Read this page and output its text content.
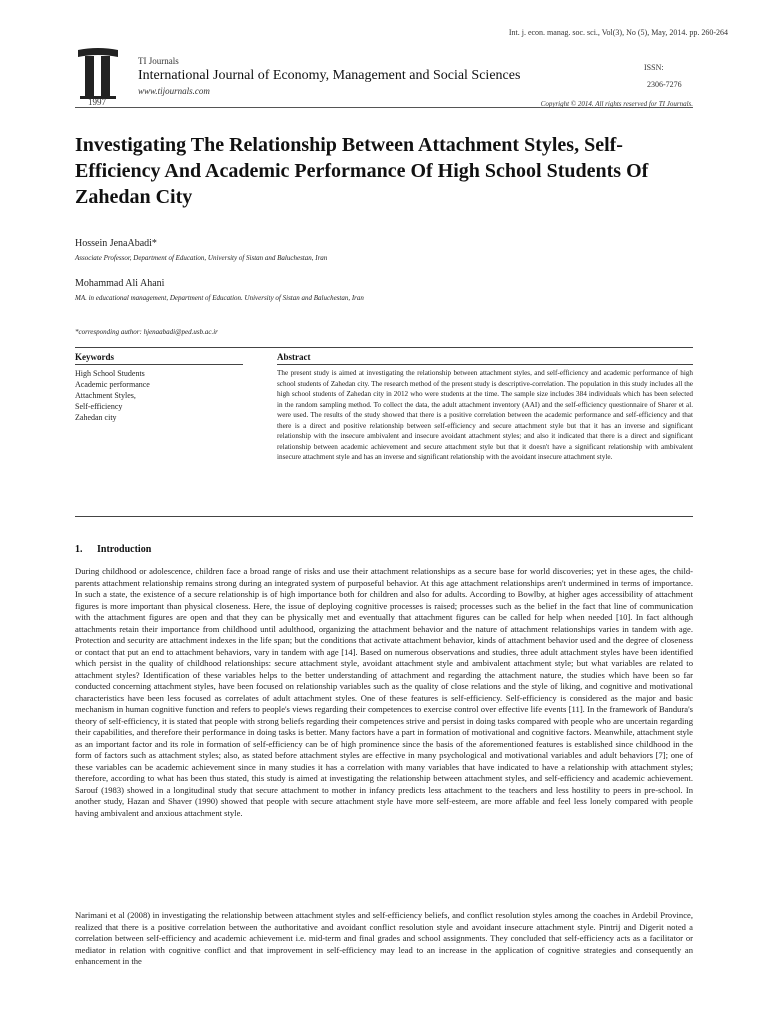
Int. j. econ. manag. soc. sci., Vol(3), No (5), May, 2014. pp. 260-264
1997
TI Journals
International Journal of Economy, Management and Social Sciences
www.tijournals.com
ISSN:
2306-7276
Copyright © 2014. All rights reserved for TI Journals.
Investigating The Relationship Between Attachment Styles, Self-Efficiency And Academic Performance Of High School Students Of Zahedan City
Hossein JenaAbadi*
Associate Professor, Department of Education, University of Sistan and Baluchestan, Iran
Mohammad Ali Ahani
MA. in educational management, Department of Education. University of Sistan and Baluchestan, Iran
*corresponding author: hjenaabadi@ped.usb.ac.ir
Keywords	Abstract
High School Students
Academic performance
Attachment Styles,
Self-efficiency
Zahedan city

The present study is aimed at investigating the relationship between attachment styles, and self-efficiency and academic performance of high school students of Zahedan city. The research method of the present study is descriptive-correlation. The population in this study includes all the high school students of Zahedan city in 2012 who were students at the time. The sample size includes 384 individuals which has been selected in the random sampling method. To collect the data, the adult attachment inventory (AAI) and the self-efficiency questionnaire of Sharer et al. were used. The results of the study showed that there is a positive correlation between the academic performance and self-efficiency and that there is a direct and positive relationship between self-efficiency and secure attachment style but that it has an inverse and significant relationship with the insecure ambivalent and insecure avoidant attachment styles; and also it indicated that there is a direct and significant relationship between academic achievement and secure attachment style but that it doesn't have a significant relationship with ambivalent insecure attachment style and has an inverse and significant relationship with the avoidant insecure attachment style.

1. Introduction

During childhood or adolescence, children face a broad range of risks and use their attachment relationships as a secure base for world discoveries; yet in these ages, the child-parents attachment relationship remains strong during an integrated system of purposeful behavior. At this age attachment relationships aren't undermined in terms of importance. In such a state, the existence of a secure relationship is of high importance both for children and also for adults. According to Bowlby, at higher ages accessibility of attachment figures is more important than physical closeness. Here, the issue of deploying cognitive processes is raised; processes such as the belief in the fact that line of communication with the attachment figures are open and that they can be physically met and eventually that attachment figures can be called for help when needed [10]. In fact although attachments retain their importance from childhood until adulthood, organizing the attachment behavior and the nature of attachment relationships varies in tandem with age. Protection and security are attachment indexes in the life span; but the conditions that activate attachment behavior, kinds of attachment behavior used and the degree of closeness or contact that put an end to attachment behaviors, vary in tandem with age [14]. Based on numerous observations and studies, three adult attachment styles have been identified which persist in the quality of childhood relationships: secure attachment style, avoidant attachment style and ambivalent attachment style; but what variables are related to attachment styles? Identification of these variables helps to the better understanding of attachment and regarding the attachment nature, the studies which have been so far conducted concerning attachment styles, have been focused on relationship variables such as the quality of close relations and the style of liking, and cognitive and motivational characteristics have been less focused as correlates of adult attachment styles. One of these features is self-efficiency. Self-efficiency is considered as the major and basic mechanism in human cognitive function and refers to people's views regarding their competences to exercise control over effective life events [11]. In the framework of Bandura's theory of self-efficiency, it is stated that people with strong beliefs regarding their competences strive and persist in doing tasks compared with people who are uncertain regarding their capabilities, and therefore their performance in doing tasks is better. Many factors have a part in formation of motivational and cognitive factors. Meanwhile, attachment style as an important factor and its role in formation of self-efficiency can be of high prominence since the basis of the aforementioned features is established since childhood in the form of factors such as attachment styles; also, as stated before attachment styles are effective in many psychological and motivational variables and adult behaviors [7]; one of these variables can be academic achievement since in many studies it has a correlation with many variables that have indicated to have a relationship with attachment styles; therefore, according to what has been thus stated, this study is aimed at investigating the relationship between attachment styles, and self-efficiency and academic achievement. Sarouf (1983) showed in a longitudinal study that secure attachment to mother in infancy predicts less attachment to the teachers and less hostility to peers in pre-school. In another study, Hazan and Shaver (1990) showed that people with secure attachment style have more self-esteem, are more affable and feel less lonely compared with people having ambivalent and anxious attachment style.

Narimani et al (2008) in investigating the relationship between attachment styles and self-efficiency beliefs, and conflict resolution styles among the coaches in Ardebil Province, realized that there is a positive correlation between the authoritative and avoidant conflict resolution style and avoidant insecure attachment style. Pintrij and Digerit noted a correlation between self-efficiency and academic achievement i.e. mid-term and final grades and school assignments. They concluded that self-efficiency acts as a facilitator or mediator in relation with cognitive conflict and that improvement in self-efficiency may lead to an increase in the application of cognitive strategies and consequently an enhancement in the
